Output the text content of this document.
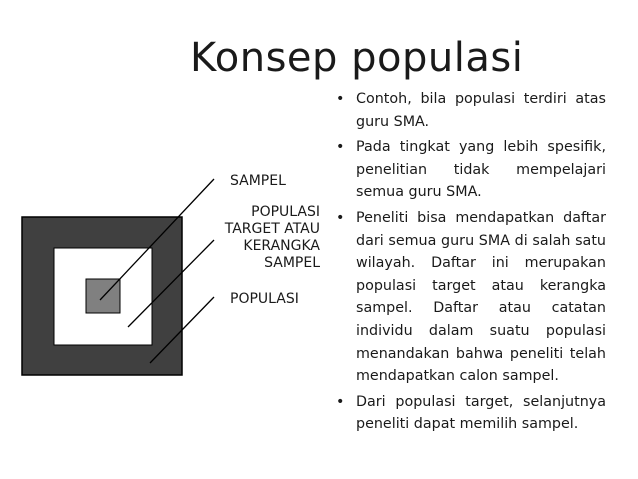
Konsep populasi
SAMPEL
POPULASI
TARGET ATAU
KERANGKA
SAMPEL
POPULASI
• Contoh, bila populasi terdiri atas guru SMA.
• Pada tingkat yang lebih spesifik, penelitian tidak mempelajari semua guru SMA.
• Peneliti bisa mendapatkan daftar dari semua guru SMA di salah satu wilayah. Daftar ini merupakan populasi target atau kerangka sampel. Daftar atau catatan individu dalam suatu populasi menandakan bahwa peneliti telah mendapatkan calon sampel.
• Dari populasi target, selanjutnya peneliti dapat memilih sampel.
